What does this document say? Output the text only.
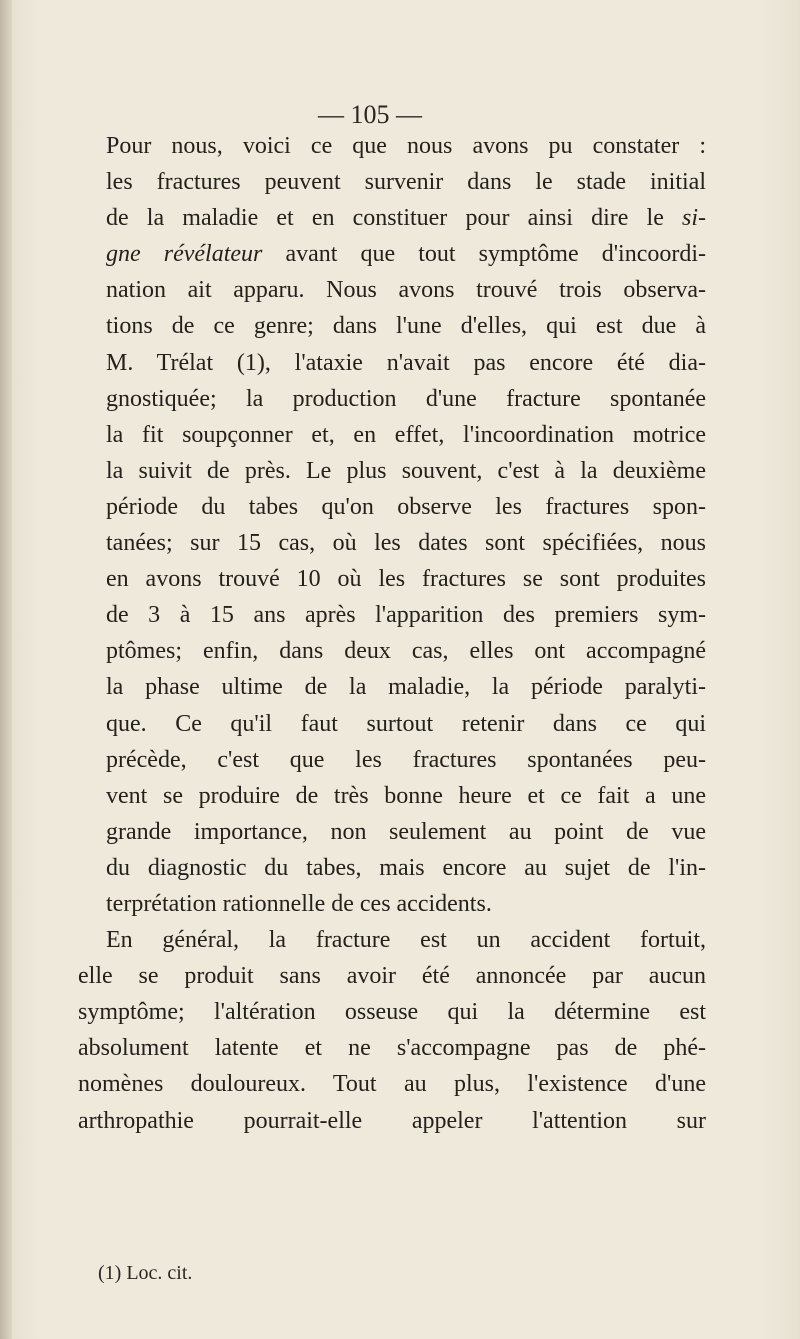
— 105 —

Pour nous, voici ce que nous avons pu constater :
les fractures peuvent survenir dans le stade initial
de la maladie et en constituer pour ainsi dire le si-
gne révélateur avant que tout symptôme d'incoordi-
nation ait apparu. Nous avons trouvé trois observa-
tions de ce genre; dans l'une d'elles, qui est due à
M. Trélat (1), l'ataxie n'avait pas encore été dia-
gnostiquée; la production d'une fracture spontanée
la fit soupçonner et, en effet, l'incoordination motrice
la suivit de près. Le plus souvent, c'est à la deuxième
période du tabes qu'on observe les fractures spon-
tanées; sur 15 cas, où les dates sont spécifiées, nous
en avons trouvé 10 où les fractures se sont produites
de 3 à 15 ans après l'apparition des premiers sym-
ptômes; enfin, dans deux cas, elles ont accompagné
la phase ultime de la maladie, la période paralyti-
que. Ce qu'il faut surtout retenir dans ce qui
précède, c'est que les fractures spontanées peu-
vent se produire de très bonne heure et ce fait a une
grande importance, non seulement au point de vue
du diagnostic du tabes, mais encore au sujet de l'in-
terprétation rationnelle de ces accidents.

En général, la fracture est un accident fortuit,
elle se produit sans avoir été annoncée par aucun
symptôme; l'altération osseuse qui la détermine est
absolument latente et ne s'accompagne pas de phé-
nomènes douloureux. Tout au plus, l'existence d'une
arthropathie pourrait-elle appeler l'attention sur

(1) Loc. cit.
